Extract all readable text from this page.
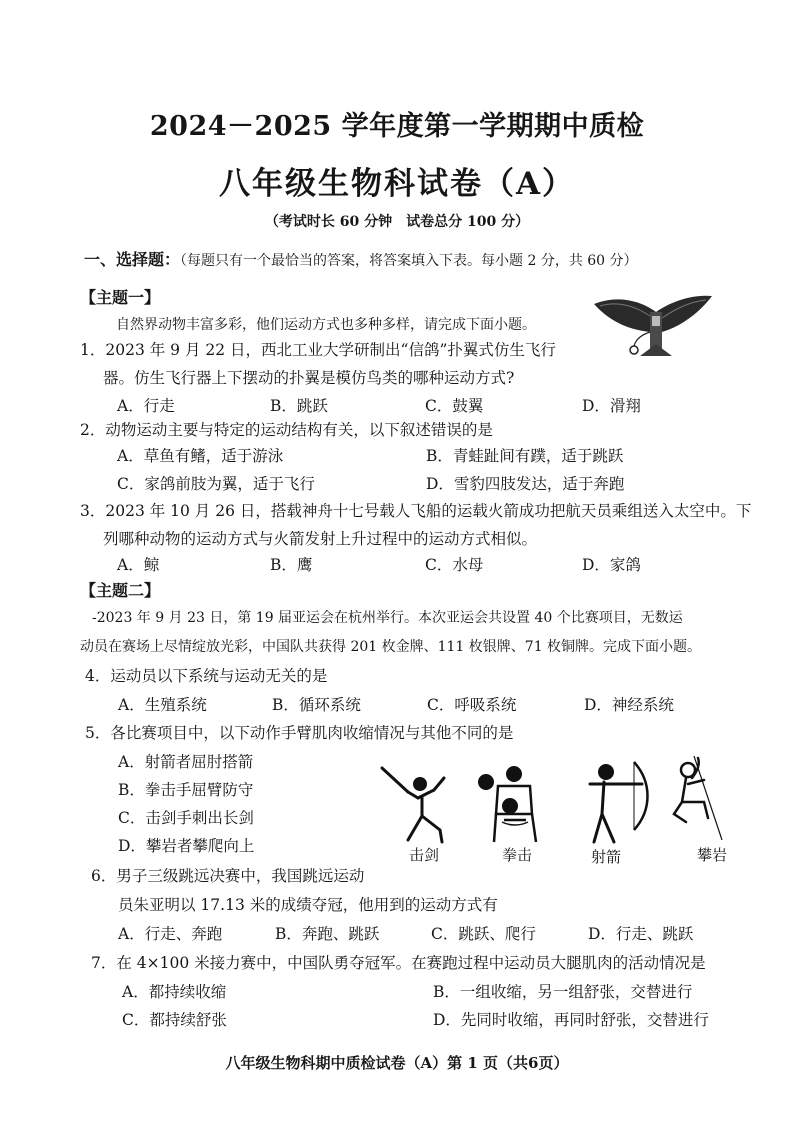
2024－2025 学年度第一学期期中质检
八年级生物科试卷（A）
（考试时长 60 分钟　试卷总分 100 分）
一、选择题：（每题只有一个最恰当的答案，将答案填入下表。每小题 2 分，共 60 分）
【主题一】
自然界动物丰富多彩，他们运动方式也多种多样，请完成下面小题。
1．2023 年 9 月 22 日，西北工业大学研制出“信鸽”扑翼式仿生飞行
器。仿生飞行器上下摆动的扑翼是模仿鸟类的哪种运动方式?
A．行走	B．跳跃	C．鼓翼	D．滑翔
2．动物运动主要与特定的运动结构有关，以下叙述错误的是
A．草鱼有鳍，适于游泳	B．青蛙趾间有蹼，适于跳跃
C．家鸽前肢为翼，适于飞行	D．雪豹四肢发达，适于奔跑
3．2023 年 10 月 26 日，搭载神舟十七号载人飞船的运载火箭成功把航天员乘组送入太空中。下
列哪种动物的运动方式与火箭发射上升过程中的运动方式相似。
A．鲸	B．鹰	C．水母	D．家鸽
【主题二】
-2023 年 9 月 23 日，第 19 届亚运会在杭州举行。本次亚运会共设置 40 个比赛项目，无数运
动员在赛场上尽情绽放光彩，中国队共获得 201 枚金牌、111 枚银牌、71 枚铜牌。完成下面小题。
4．运动员以下系统与运动无关的是
A．生殖系统	B．循环系统	C．呼吸系统	D．神经系统
5．各比赛项目中，以下动作手臂肌肉收缩情况与其他不同的是
A．射箭者屈肘搭箭
B．拳击手屈臂防守
C．击剑手刺出长剑
D．攀岩者攀爬向上	击剑	拳击	射箭	攀岩
6．男子三级跳远决赛中，我国跳远运动
员朱亚明以 17.13 米的成绩夺冠，他用到的运动方式有
A．行走、奔跑	B．奔跑、跳跃	C．跳跃、爬行	D．行走、跳跃
7．在 4×100 米接力赛中，中国队勇夺冠军。在赛跑过程中运动员大腿肌肉的活动情况是
A．都持续收缩	B．一组收缩，另一组舒张，交替进行
C．都持续舒张	D．先同时收缩，再同时舒张，交替进行
八年级生物科期中质检试卷（A）第 1 页（共6页）
